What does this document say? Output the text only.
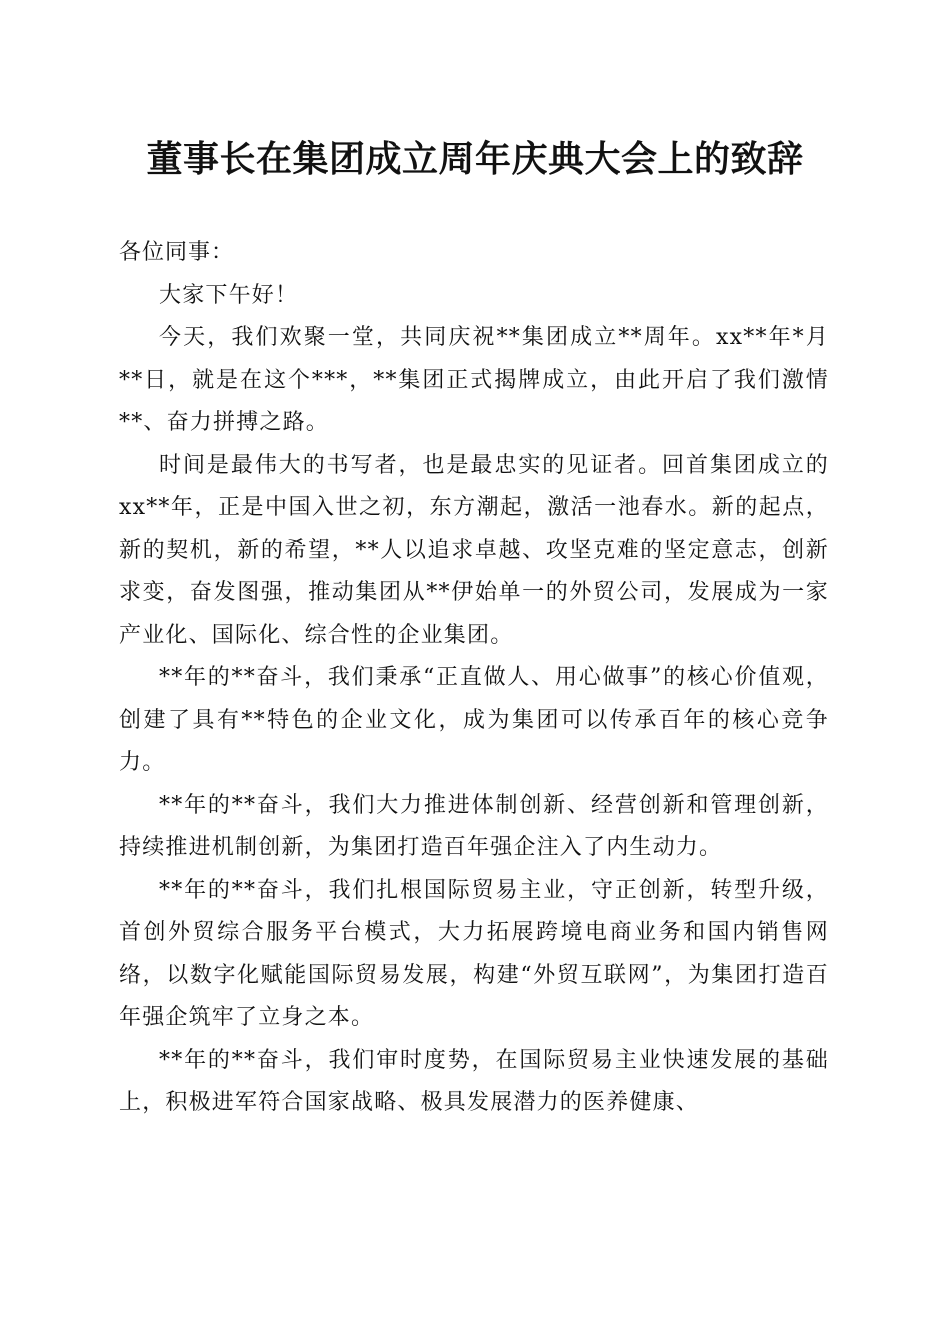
董事长在集团成立周年庆典大会上的致辞

各位同事：

大家下午好！

今天，我们欢聚一堂，共同庆祝**集团成立**周年。xx**年*月**日，就是在这个***，**集团正式揭牌成立，由此开启了我们激情**、奋力拼搏之路。

时间是最伟大的书写者，也是最忠实的见证者。回首集团成立的xx**年，正是中国入世之初，东方潮起，激活一池春水。新的起点，新的契机，新的希望，**人以追求卓越、攻坚克难的坚定意志，创新求变，奋发图强，推动集团从**伊始单一的外贸公司，发展成为一家产业化、国际化、综合性的企业集团。

**年的**奋斗，我们秉承“正直做人、用心做事”的核心价值观，创建了具有**特色的企业文化，成为集团可以传承百年的核心竞争力。

**年的**奋斗，我们大力推进体制创新、经营创新和管理创新，持续推进机制创新，为集团打造百年强企注入了内生动力。

**年的**奋斗，我们扎根国际贸易主业，守正创新，转型升级，首创外贸综合服务平台模式，大力拓展跨境电商业务和国内销售网络，以数字化赋能国际贸易发展，构建“外贸互联网”，为集团打造百年强企筑牢了立身之本。

**年的**奋斗，我们审时度势，在国际贸易主业快速发展的基础上，积极进军符合国家战略、极具发展潜力的医养健康、
